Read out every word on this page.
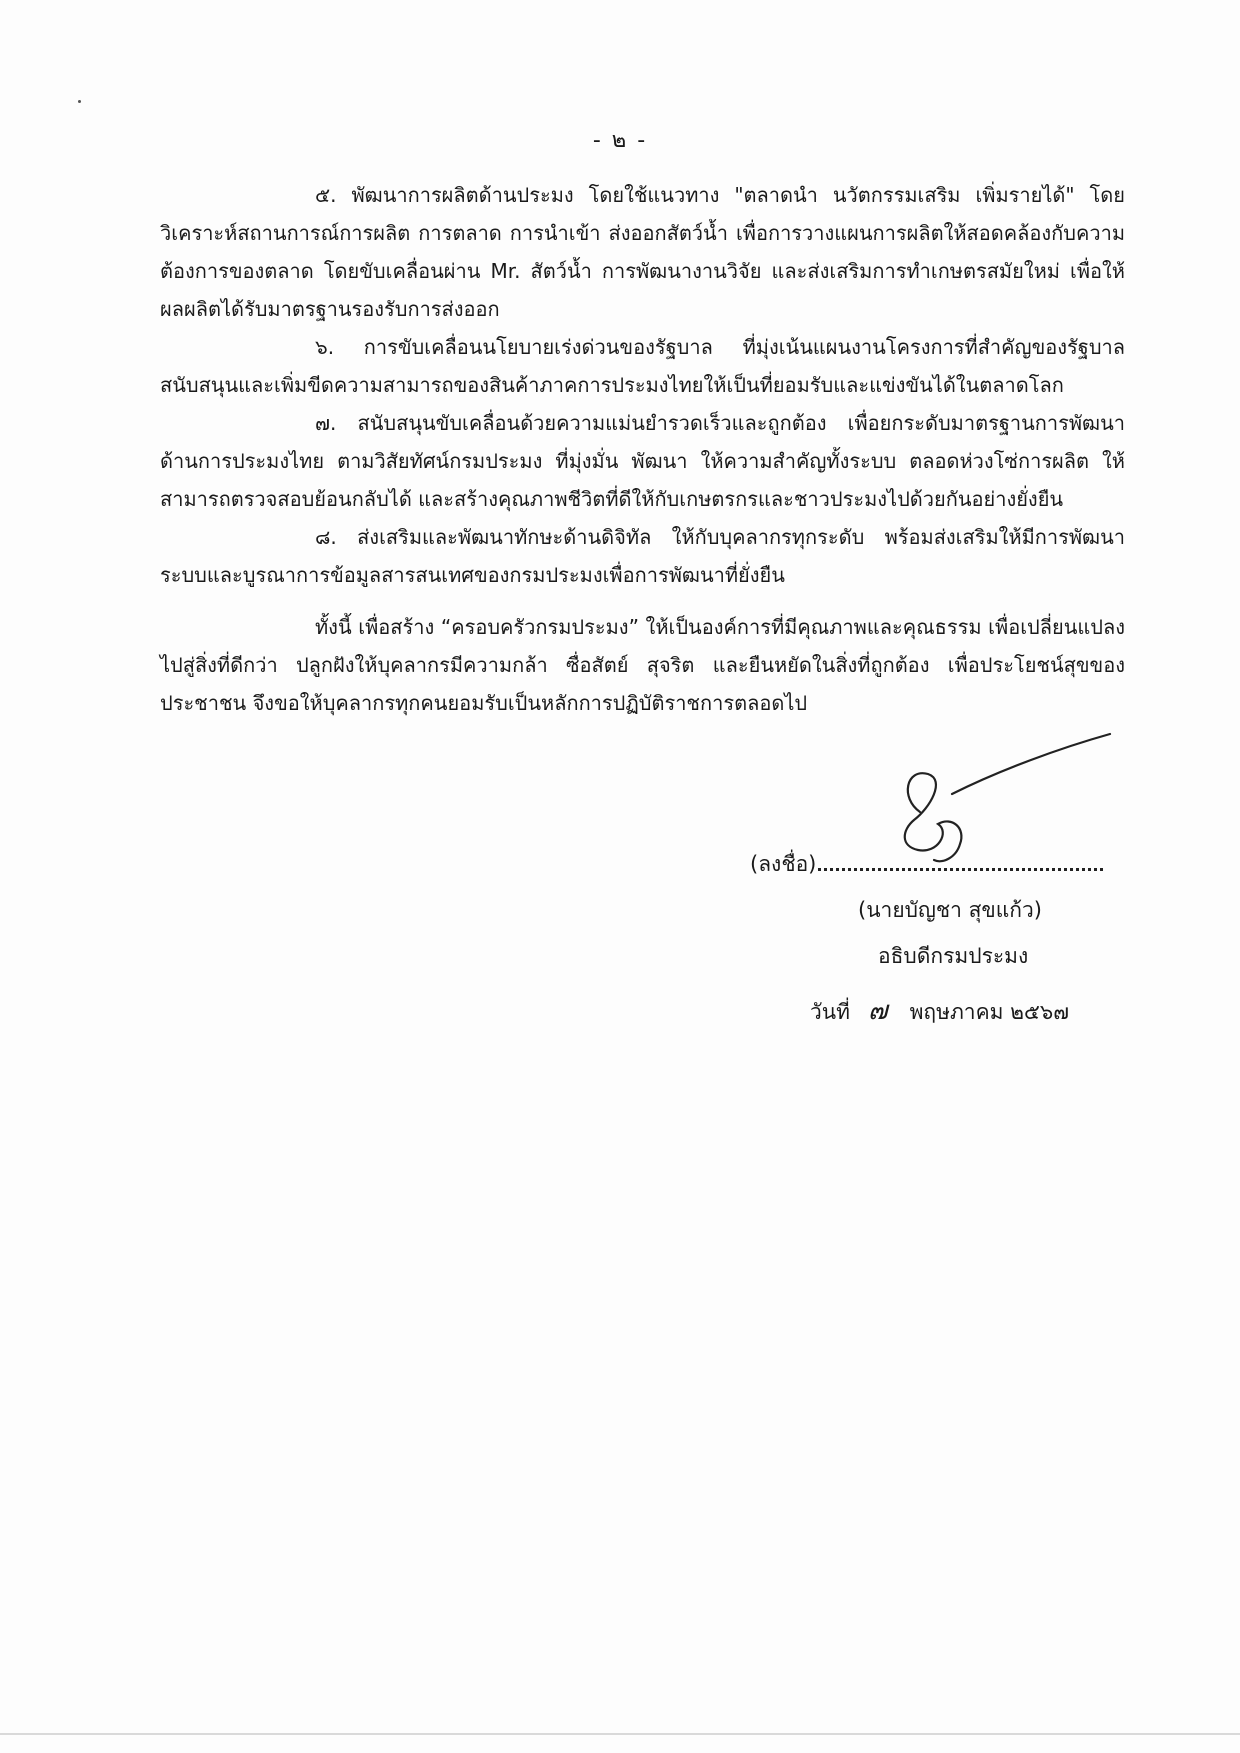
- ๒ -

๕. พัฒนาการผลิตด้านประมง โดยใช้แนวทาง "ตลาดนำ นวัตกรรมเสริม เพิ่มรายได้" โดยวิเคราะห์สถานการณ์การผลิต การตลาด การนำเข้า ส่งออกสัตว์น้ำ เพื่อการวางแผนการผลิตให้สอดคล้องกับความต้องการของตลาด โดยขับเคลื่อนผ่าน Mr. สัตว์น้ำ การพัฒนางานวิจัย และส่งเสริมการทำเกษตรสมัยใหม่ เพื่อให้ผลผลิตได้รับมาตรฐานรองรับการส่งออก

๖. การขับเคลื่อนนโยบายเร่งด่วนของรัฐบาล ที่มุ่งเน้นแผนงานโครงการที่สำคัญของรัฐบาล สนับสนุนและเพิ่มขีดความสามารถของสินค้าภาคการประมงไทยให้เป็นที่ยอมรับและแข่งขันได้ในตลาดโลก

๗. สนับสนุนขับเคลื่อนด้วยความแม่นยำรวดเร็วและถูกต้อง เพื่อยกระดับมาตรฐานการพัฒนาด้านการประมงไทย ตามวิสัยทัศน์กรมประมง ที่มุ่งมั่น พัฒนา ให้ความสำคัญทั้งระบบ ตลอดห่วงโซ่การผลิต ให้สามารถตรวจสอบย้อนกลับได้ และสร้างคุณภาพชีวิตที่ดีให้กับเกษตรกรและชาวประมงไปด้วยกันอย่างยั่งยืน

๘. ส่งเสริมและพัฒนาทักษะด้านดิจิทัล ให้กับบุคลากรทุกระดับ พร้อมส่งเสริมให้มีการพัฒนาระบบและบูรณาการข้อมูลสารสนเทศของกรมประมงเพื่อการพัฒนาที่ยั่งยืน

ทั้งนี้ เพื่อสร้าง “ครอบครัวกรมประมง” ให้เป็นองค์การที่มีคุณภาพและคุณธรรม เพื่อเปลี่ยนแปลงไปสู่สิ่งที่ดีกว่า ปลูกฝังให้บุคลากรมีความกล้า ซื่อสัตย์ สุจริต และยืนหยัดในสิ่งที่ถูกต้อง เพื่อประโยชน์สุขของประชาชน จึงขอให้บุคลากรทุกคนยอมรับเป็นหลักการปฏิบัติราชการตลอดไป

(ลงชื่อ)
(นายบัญชา สุขแก้ว)
อธิบดีกรมประมง
วันที่ ๗ พฤษภาคม ๒๕๖๗
